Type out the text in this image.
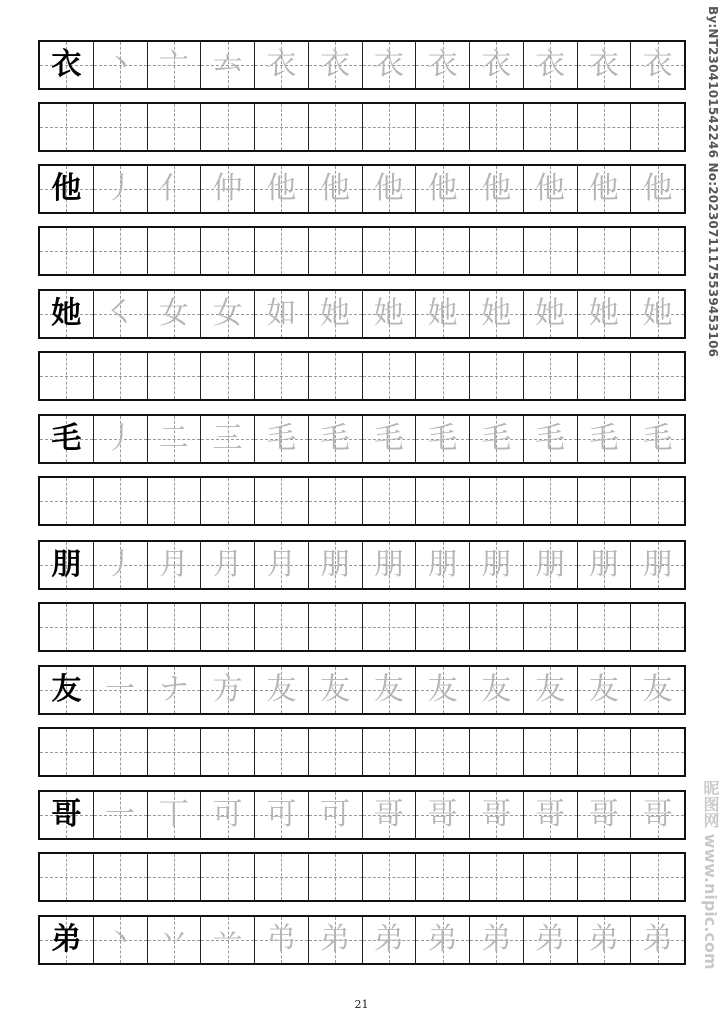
衣 丶 亠 𠫓 衣 衣 衣 衣 衣 衣 衣 衣
他 丿 亻 仲 他 他 他 他 他 他 他 他
她 ㇛ 女 女 如 她 她 她 她 她 她 她
毛 丿 二 三 毛 毛 毛 毛 毛 毛 毛 毛
朋 丿 月 月 月 朋 朋 朋 朋 朋 朋 朋
友 一 ナ 方 友 友 友 友 友 友 友 友
哥 一 丅 可 可 可 哥 哥 哥 哥 哥 哥
弟 丶 丷 䒑 弚 弟 弟 弟 弟 弟 弟 弟
21
By:NT2304101542246 No:20230711175539453106
昵图网 www.nipic.com
